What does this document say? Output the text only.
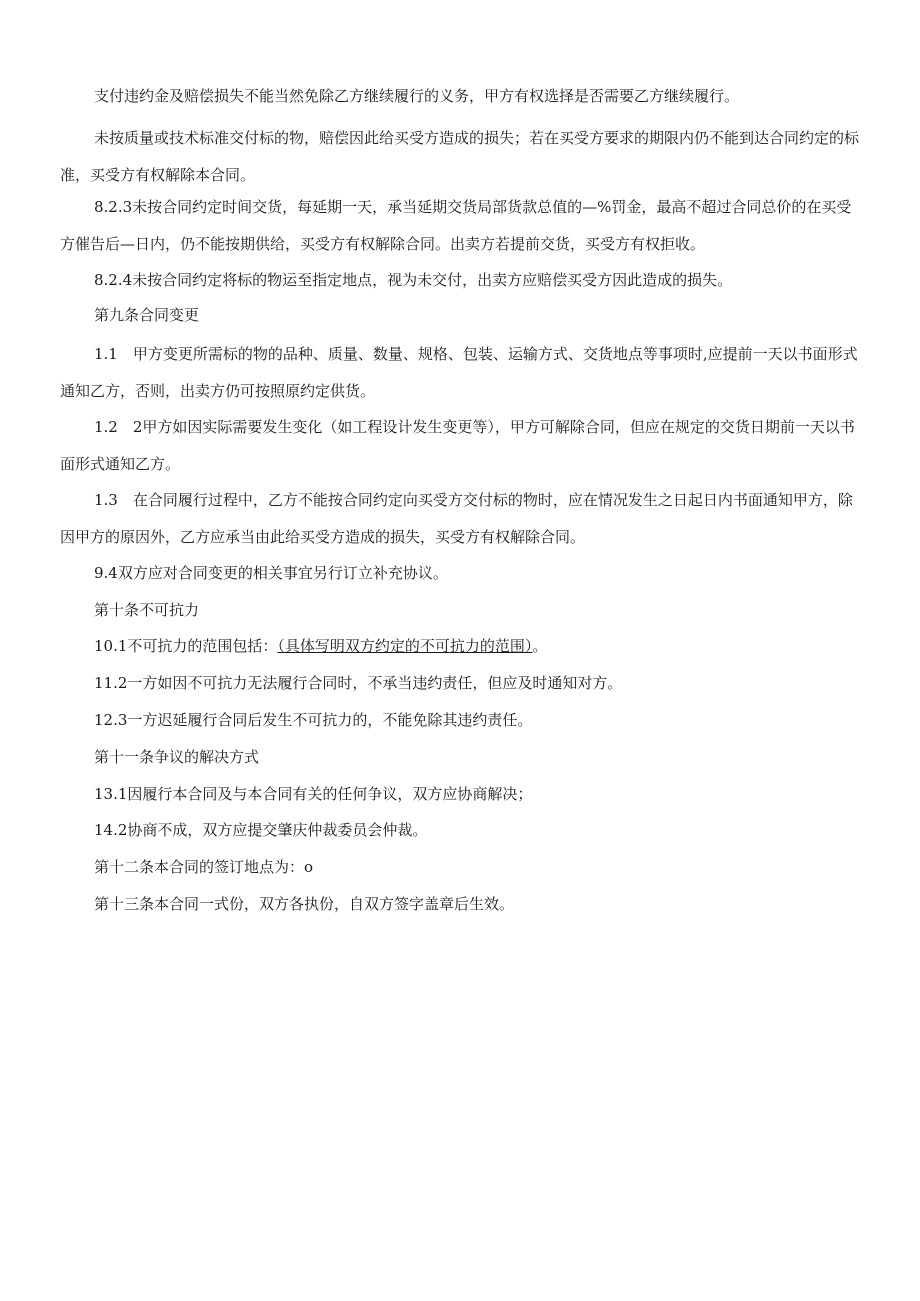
支付违约金及赔偿损失不能当然免除乙方继续履行的义务，甲方有权选择是否需要乙方继续履行。

未按质量或技术标准交付标的物，赔偿因此给买受方造成的损失；若在买受方要求的期限内仍不能到达合同约定的标准，买受方有权解除本合同。

8.2.3未按合同约定时间交货，每延期一天，承当延期交货局部货款总值的—%罚金，最高不超过合同总价的在买受方催告后—日内，仍不能按期供给，买受方有权解除合同。出卖方若提前交货，买受方有权拒收。

8.2.4未按合同约定将标的物运至指定地点，视为未交付，出卖方应赔偿买受方因此造成的损失。

第九条合同变更

1.1　甲方变更所需标的物的品种、质量、数量、规格、包装、运输方式、交货地点等事项时,应提前一天以书面形式通知乙方，否则，出卖方仍可按照原约定供货。

1.2　2甲方如因实际需要发生变化（如工程设计发生变更等），甲方可解除合同，但应在规定的交货日期前一天以书面形式通知乙方。

1.3　在合同履行过程中，乙方不能按合同约定向买受方交付标的物时，应在情况发生之日起日内书面通知甲方，除因甲方的原因外，乙方应承当由此给买受方造成的损失，买受方有权解除合同。

9.4双方应对合同变更的相关事宜另行订立补充协议。

第十条不可抗力

10.1不可抗力的范围包括：（具体写明双方约定的不可抗力的范围）。

11.2一方如因不可抗力无法履行合同时，不承当违约责任，但应及时通知对方。

12.3一方迟延履行合同后发生不可抗力的，不能免除其违约责任。

第十一条争议的解决方式

13.1因履行本合同及与本合同有关的任何争议，双方应协商解决；

14.2协商不成，双方应提交肇庆仲裁委员会仲裁。

第十二条本合同的签订地点为：o

第十三条本合同一式份，双方各执份，自双方签字盖章后生效。
